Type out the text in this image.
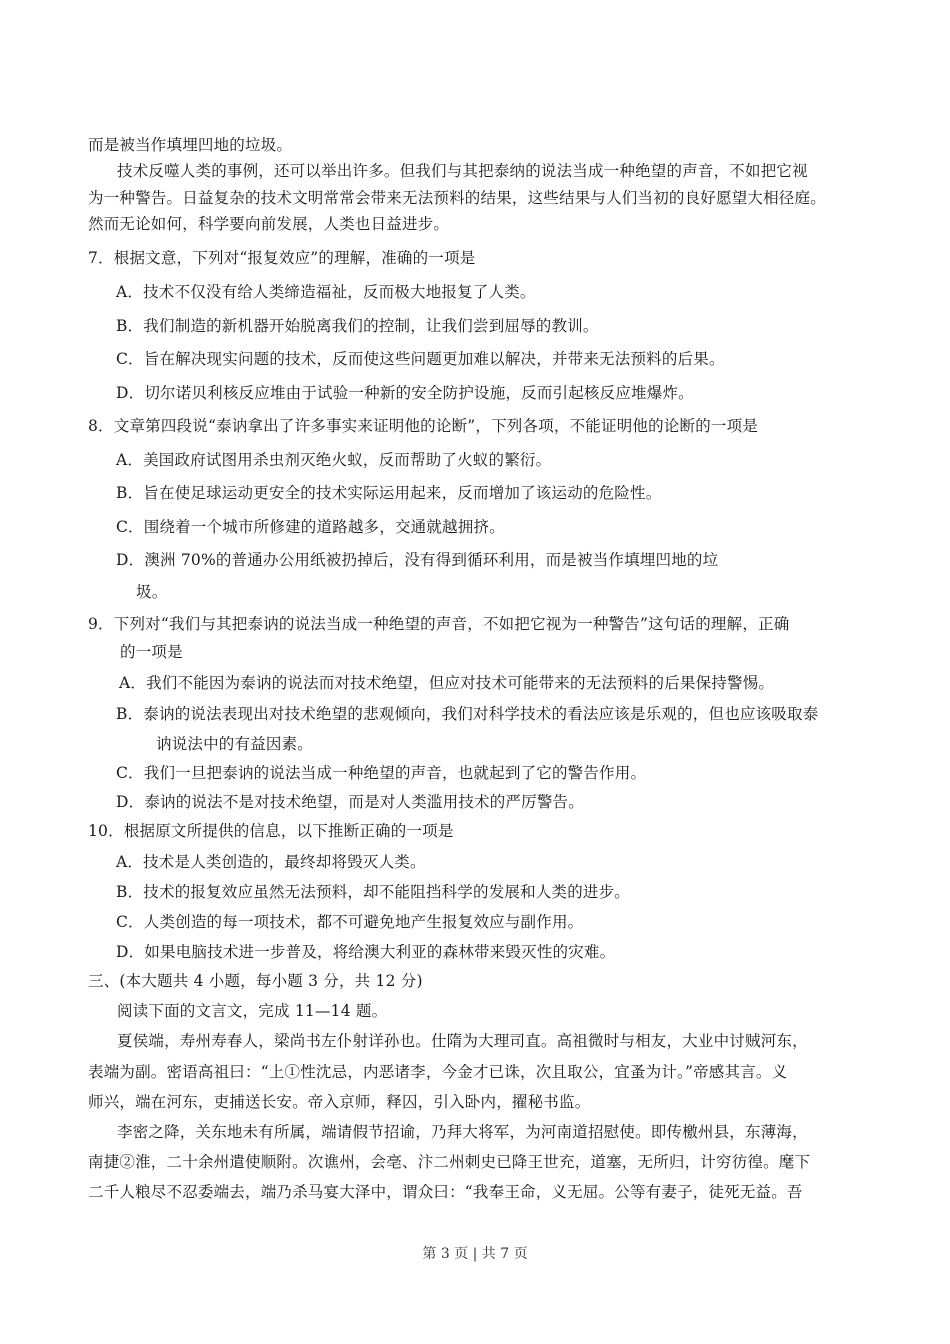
而是被当作填埋凹地的垃圾。
技术反噬人类的事例，还可以举出许多。但我们与其把泰纳的说法当成一种绝望的声音，不如把它视
为一种警告。日益复杂的技术文明常常会带来无法预料的结果，这些结果与人们当初的良好愿望大相径庭。
然而无论如何，科学要向前发展，人类也日益进步。
7．根据文意，下列对“报复效应”的理解，准确的一项是
A．技术不仅没有给人类缔造福祉，反而极大地报复了人类。
B．我们制造的新机器开始脱离我们的控制，让我们尝到屈辱的教训。
C．旨在解决现实问题的技术，反而使这些问题更加难以解决，并带来无法预料的后果。
D．切尔诺贝利核反应堆由于试验一种新的安全防护设施，反而引起核反应堆爆炸。
8．文章第四段说“泰讷拿出了许多事实来证明他的论断”，下列各项，不能证明他的论断的一项是
A．美国政府试图用杀虫剂灭绝火蚁，反而帮助了火蚁的繁衍。
B．旨在使足球运动更安全的技术实际运用起来，反而增加了该运动的危险性。
C．围绕着一个城市所修建的道路越多，交通就越拥挤。
D．澳洲 70%的普通办公用纸被扔掉后，没有得到循环利用，而是被当作填埋凹地的垃
圾。
9．下列对“我们与其把泰讷的说法当成一种绝望的声音，不如把它视为一种警告”这句话的理解，正确
的一项是
A．我们不能因为泰讷的说法而对技术绝望，但应对技术可能带来的无法预料的后果保持警惕。
B．泰讷的说法表现出对技术绝望的悲观倾向，我们对科学技术的看法应该是乐观的，但也应该吸取泰
讷说法中的有益因素。
C．我们一旦把泰讷的说法当成一种绝望的声音，也就起到了它的警告作用。
D．泰讷的说法不是对技术绝望，而是对人类滥用技术的严厉警告。
10．根据原文所提供的信息，以下推断正确的一项是
A．技术是人类创造的，最终却将毁灭人类。
B．技术的报复效应虽然无法预料，却不能阻挡科学的发展和人类的进步。
C．人类创造的每一项技术，都不可避免地产生报复效应与副作用。
D．如果电脑技术进一步普及，将给澳大利亚的森林带来毁灭性的灾难。
三、(本大题共 4 小题，每小题 3 分，共 12 分)
阅读下面的文言文，完成 11—14 题。
夏侯端，寿州寿春人，梁尚书左仆射详孙也。仕隋为大理司直。高祖微时与相友，大业中讨贼河东，
表端为副。密语高祖曰：“上①性沈忌，内恶诸李，今金才已诛，次且取公，宜蚤为计。”帝感其言。义
师兴，端在河东，吏捕送长安。帝入京师，释囚，引入卧内，擢秘书监。
李密之降，关东地未有所属，端请假节招谕，乃拜大将军，为河南道招慰使。即传檄州县，东薄海，
南捷②淮，二十余州遣使顺附。次谯州，会亳、汴二州刺史已降王世充，道塞，无所归，计穷彷徨。麾下
二千人粮尽不忍委端去，端乃杀马宴大泽中，谓众曰：“我奉王命，义无屈。公等有妻子，徒死无益。吾
第 3 页 | 共 7 页
